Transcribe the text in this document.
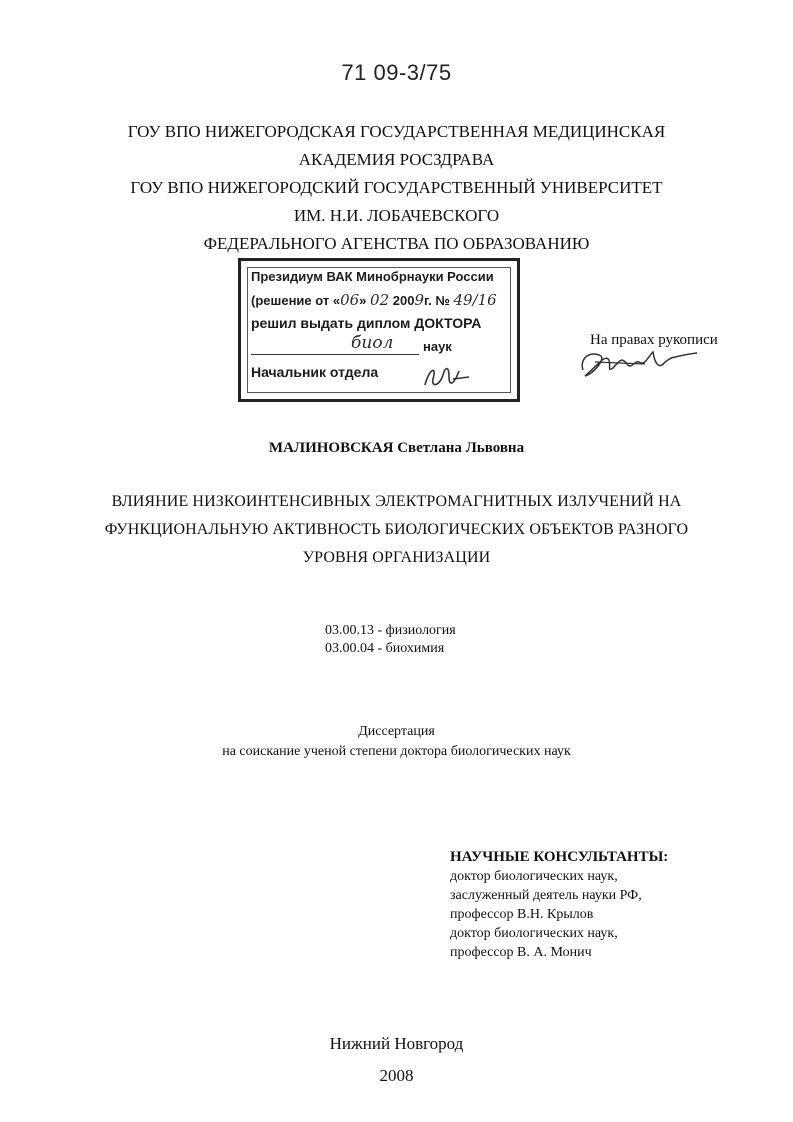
71 09-3/75
ГОУ ВПО НИЖЕГОРОДСКАЯ ГОСУДАРСТВЕННАЯ МЕДИЦИНСКАЯ
АКАДЕМИЯ РОСЗДРАВА
ГОУ ВПО НИЖЕГОРОДСКИЙ ГОСУДАРСТВЕННЫЙ УНИВЕРСИТЕТ
ИМ. Н.И. ЛОБАЧЕВСКОГО
ФЕДЕРАЛЬНОГО АГЕНСТВА ПО ОБРАЗОВАНИЮ
Президиум ВАК Минобрнауки России
(решение от «06» 02 2009г. № 49/16
решил выдать диплом ДОКТОРА
биол наук
Начальник отдела
На правах рукописи
МАЛИНОВСКАЯ Светлана Львовна
ВЛИЯНИЕ НИЗКОИНТЕНСИВНЫХ ЭЛЕКТРОМАГНИТНЫХ ИЗЛУЧЕНИЙ НА
ФУНКЦИОНАЛЬНУЮ АКТИВНОСТЬ БИОЛОГИЧЕСКИХ ОБЪЕКТОВ РАЗНОГО
УРОВНЯ ОРГАНИЗАЦИИ
03.00.13 - физиология
03.00.04 - биохимия
Диссертация
на соискание ученой степени доктора биологических наук
НАУЧНЫЕ КОНСУЛЬТАНТЫ:
доктор биологических наук,
заслуженный деятель науки РФ,
профессор В.Н. Крылов
доктор биологических наук,
профессор В. А. Монич
Нижний Новгород
2008
